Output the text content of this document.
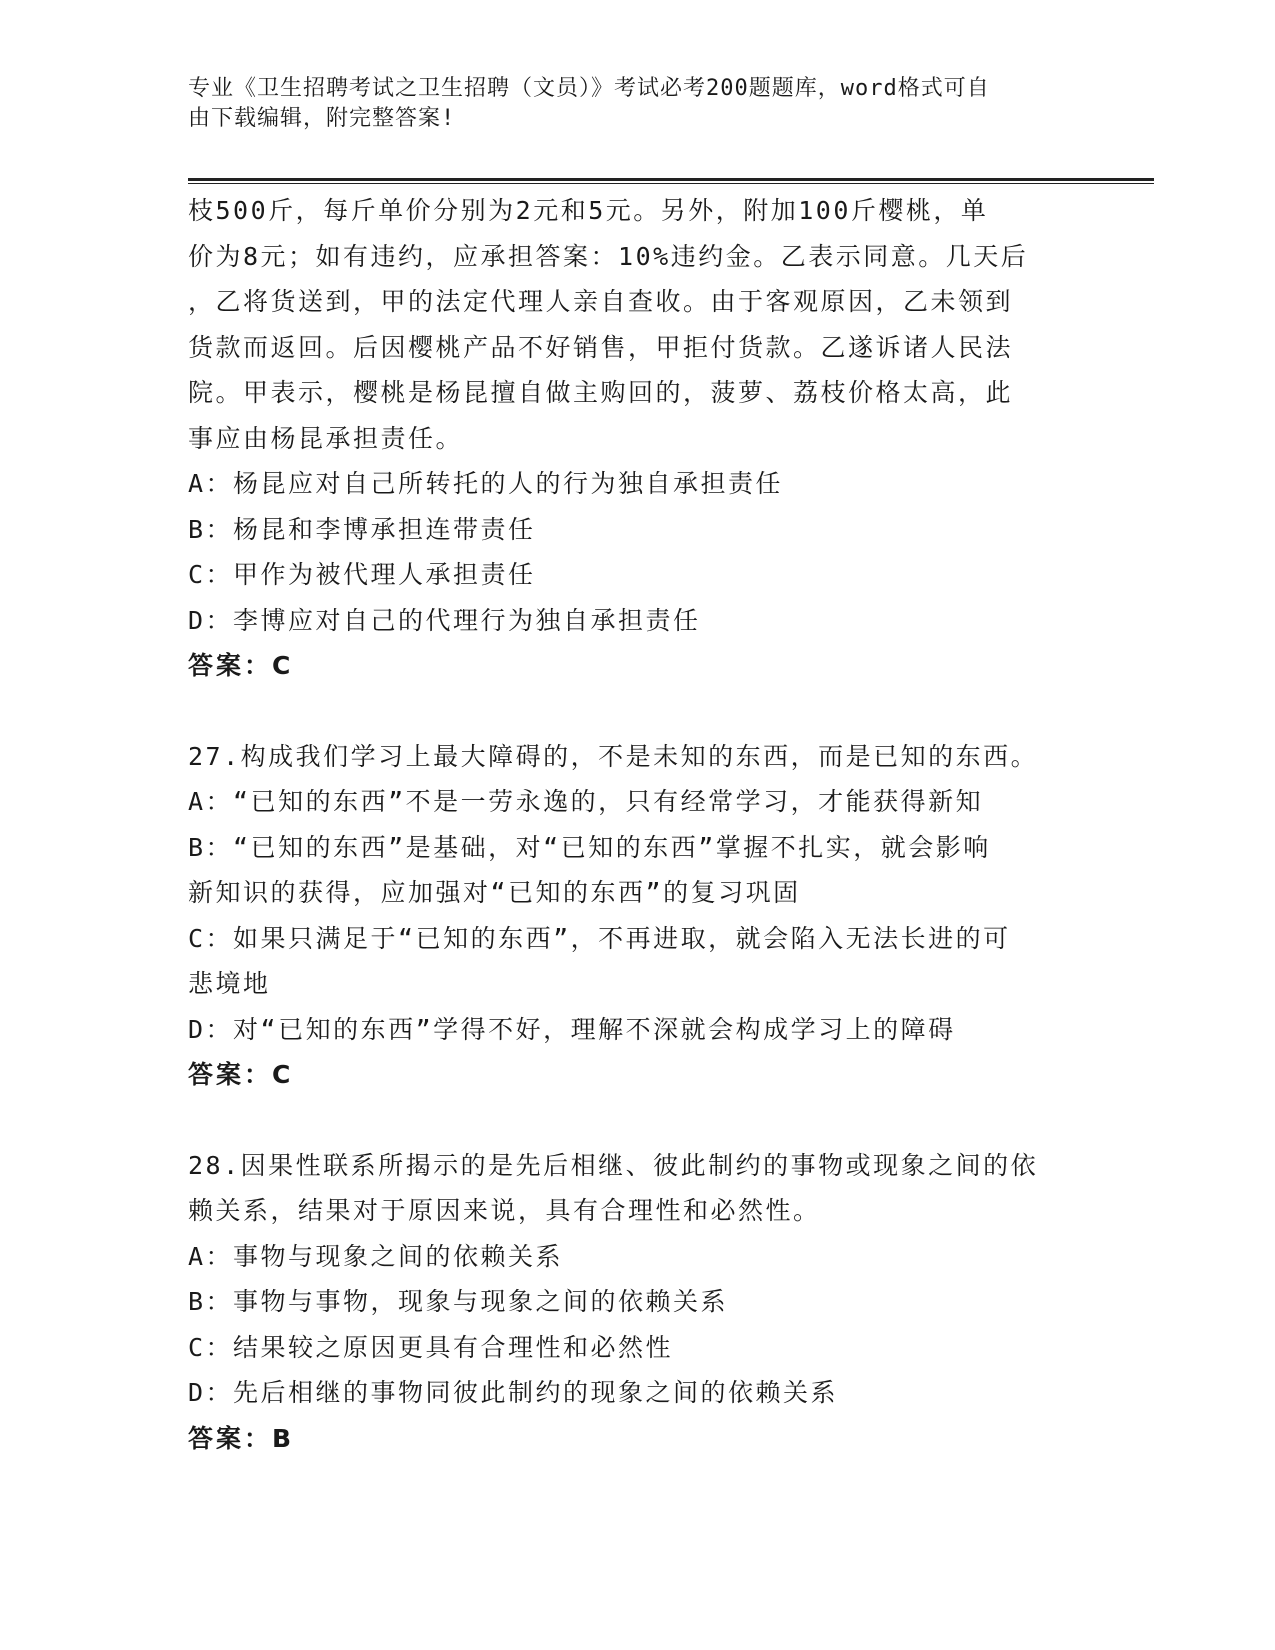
专业《卫生招聘考试之卫生招聘（文员）》考试必考200题题库，word格式可自
由下载编辑，附完整答案!

枝500斤，每斤单价分别为2元和5元。另外，附加100斤樱桃，单

价为8元；如有违约，应承担答案：10%违约金。乙表示同意。几天后

，乙将货送到，甲的法定代理人亲自查收。由于客观原因，乙未领到

货款而返回。后因樱桃产品不好销售，甲拒付货款。乙遂诉诸人民法

院。甲表示，樱桃是杨昆擅自做主购回的，菠萝、荔枝价格太高，此

事应由杨昆承担责任。

A：杨昆应对自己所转托的人的行为独自承担责任

B：杨昆和李博承担连带责任

C：甲作为被代理人承担责任

D：李博应对自己的代理行为独自承担责任

答案：C

27.构成我们学习上最大障碍的，不是未知的东西，而是已知的东西。

A：“已知的东西”不是一劳永逸的，只有经常学习，才能获得新知

B：“已知的东西”是基础，对“已知的东西”掌握不扎实，就会影响

新知识的获得，应加强对“已知的东西”的复习巩固

C：如果只满足于“已知的东西”，不再进取，就会陷入无法长进的可

悲境地

D：对“已知的东西”学得不好，理解不深就会构成学习上的障碍

答案：C

28.因果性联系所揭示的是先后相继、彼此制约的事物或现象之间的依

赖关系，结果对于原因来说，具有合理性和必然性。

A：事物与现象之间的依赖关系

B：事物与事物，现象与现象之间的依赖关系

C：结果较之原因更具有合理性和必然性

D：先后相继的事物同彼此制约的现象之间的依赖关系

答案：B
